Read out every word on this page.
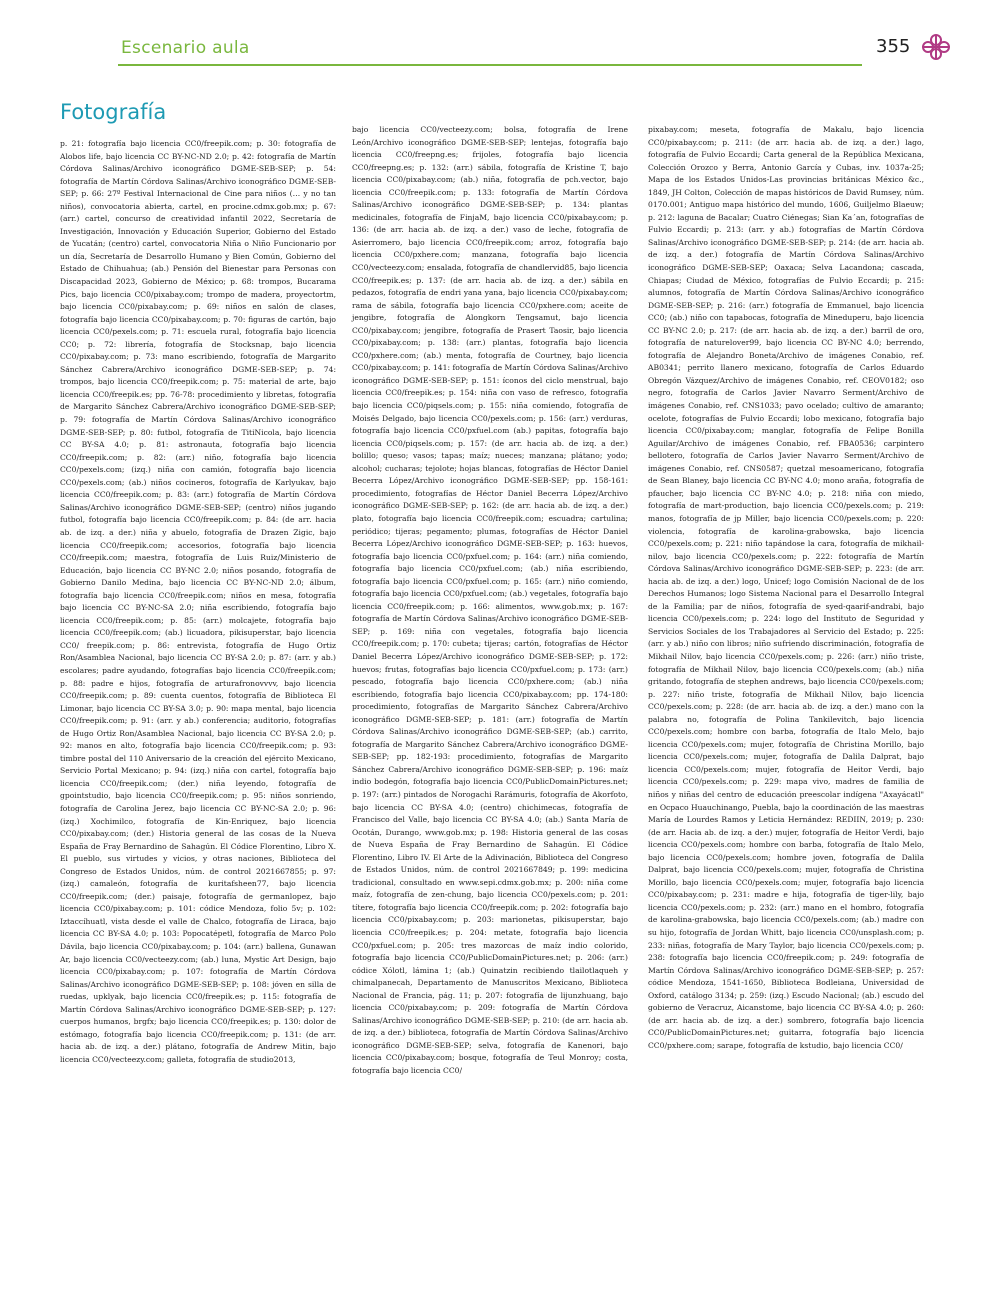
Escenario aula	355
Fotografía
p. 21: fotografía bajo licencia CC0/freepik.com; p. 30: fotografía de Alobos life, bajo licencia CC BY-NC-ND 2.0; p. 42: fotografía de Martín Córdova Salinas/Archivo iconográfico DGME-SEB-SEP; p. 54: fotografía de Martín Córdova Salinas/Archivo iconográfico DGME-SEB-SEP; p. 66: 27º Festival Internacional de Cine para niños (… y no tan niños), convocatoria abierta, cartel, en procine.cdmx.gob.mx; p. 67: (arr.) cartel, concurso de creatividad infantil 2022, Secretaría de Investigación, Innovación y Educación Superior, Gobierno del Estado de Yucatán; (centro) cartel, convocatoria Niña o Niño Funcionario por un día, Secretaría de Desarrollo Humano y Bien Común, Gobierno del Estado de Chihuahua; (ab.) Pensión del Bienestar para Personas con Discapacidad 2023, Gobierno de México; p. 68: trompos, Bucarama Pics, bajo licencia CC0/pixabay.com; trompo de madera, proyectortm, bajo licencia CC0/pixabay.com; p. 69: niños en salón de clases, fotografía bajo licencia CC0/pixabay.com; p. 70: figuras de cartón, bajo licencia CC0/pexels.com; p. 71: escuela rural, fotografía bajo licencia CC0; p. 72: librería, fotografía de Stocksnap, bajo licencia CC0/pixabay.com; p. 73: mano escribiendo, fotografía de Margarito Sánchez Cabrera/Archivo iconográfico DGME-SEB-SEP; p. 74: trompos, bajo licencia CC0/freepik.com; p. 75: material de arte, bajo licencia CC0/freepik.es; pp. 76-78: procedimiento y libretas, fotografía de Margarito Sánchez Cabrera/Archivo iconográfico DGME-SEB-SEP; p. 79: fotografía de Martín Córdova Salinas/Archivo iconográfico DGME-SEB-SEP; p. 80: futbol, fotografía de TitiNicola, bajo licencia CC BY-SA 4.0; p. 81: astronauta, fotografía bajo licencia CC0/freepik.com; p. 82: (arr.) niño, fotografía bajo licencia CC0/pexels.com; (izq.) niña con camión, fotografía bajo licencia CC0/pexels.com; (ab.) niños cocineros, fotografía de Karlyukav, bajo licencia CC0/freepik.com; p. 83: (arr.) fotografía de Martín Córdova Salinas/Archivo iconográfico DGME-SEB-SEP; (centro) niños jugando futbol, fotografía bajo licencia CC0/freepik.com; p. 84: (de arr. hacia ab. de izq. a der.) niña y abuelo, fotografía de Drazen Zigic, bajo licencia CC0/freepik.com; accesorios, fotografía bajo licencia CC0/freepik.com; maestra, fotografía de Luis Ruiz/Ministerio de Educación, bajo licencia CC BY-NC 2.0; niños posando, fotografía de Gobierno Danilo Medina, bajo licencia CC BY-NC-ND 2.0; álbum, fotografía bajo licencia CC0/freepik.com; niños en mesa, fotografía bajo licencia CC BY-NC-SA 2.0; niña escribiendo, fotografía bajo licencia CC0/freepik.com; p. 85: (arr.) molcajete, fotografía bajo licencia CC0/freepik.com; (ab.) licuadora, pikisuperstar, bajo licencia CC0/ freepik.com; p. 86: entrevista, fotografía de Hugo Ortiz Ron/Asamblea Nacional, bajo licencia CC BY-SA 2.0; p. 87: (arr. y ab.) escolares; padre ayudando, fotografías bajo licencia CC0/freepik.com; p. 88: padre e hijos, fotografía de arturafronovvvv, bajo licencia CC0/freepik.com; p. 89: cuenta cuentos, fotografía de Biblioteca El Limonar, bajo licencia CC BY-SA 3.0; p. 90: mapa mental, bajo licencia CC0/freepik.com; p. 91: (arr. y ab.) conferencia; auditorio, fotografías de Hugo Ortiz Ron/Asamblea Nacional, bajo licencia CC BY-SA 2.0; p. 92: manos en alto, fotografía bajo licencia CC0/freepik.com; p. 93: timbre postal del 110 Aniversario de la creación del ejército Mexicano, Servicio Portal Mexicano; p. 94: (izq.) niña con cartel, fotografía bajo licencia CC0/freepik.com; (der.) niña leyendo, fotografía de gpointstudio, bajo licencia CC0/freepik.com; p. 95: niños sonriendo, fotografía de Carolina Jerez, bajo licencia CC BY-NC-SA 2.0; p. 96: (izq.) Xochimilco, fotografía de Kin-Enriquez, bajo licencia CC0/pixabay.com; (der.) Historia general de las cosas de la Nueva España de Fray Bernardino de Sahagún. El Códice Florentino, Libro X. El pueblo, sus virtudes y vicios, y otras naciones, Biblioteca del Congreso de Estados Unidos, núm. de control 2021667855; p. 97: (izq.) camaleón, fotografía de kuritafsheen77, bajo licencia CC0/freepik.com; (der.) paisaje, fotografía de germanlopez, bajo licencia CC0/pixabay.com; p. 101: códice Mendoza, folio 5v; p. 102: Iztaccíhuatl, vista desde el valle de Chalco, fotografía de Liraca, bajo licencia CC BY-SA 4.0; p. 103: Popocatépetl, fotografía de Marco Polo Dávila, bajo licencia CC0/pixabay.com; p. 104: (arr.) ballena, Gunawan Ar, bajo licencia CC0/vecteezy.com; (ab.) luna, Mystic Art Design, bajo licencia CC0/pixabay.com; p. 107: fotografía de Martín Córdova Salinas/Archivo iconográfico DGME-SEB-SEP; p. 108: jóven en silla de ruedas, upklyak, bajo licencia CC0/freepik.es; p. 115: fotografía de Martín Córdova Salinas/Archivo iconográfico DGME-SEB-SEP; p. 127: cuerpos humanos, brgfx; bajo licencia CC0/freepik.es; p. 130: dolor de estómago, fotografía bajo licencia CC0/freepik.com; p. 131: (de arr. hacia ab. de izq. a der.) plátano, fotografía de Andrew Mitin, bajo licencia CC0/vecteezy.com; galleta, fotografía de studio2013,
bajo licencia CC0/vecteezy.com; bolsa, fotografía de Irene León/Archivo iconográfico DGME-SEB-SEP; lentejas, fotografía bajo licencia CC0/freepng.es; frijoles, fotografía bajo licencia CC0/freepng.es; p. 132: (arr.) sábila, fotografía de Kristine T, bajo licencia CC0/pixabay.com; (ab.) niña, fotografía de pch.vector, bajo licencia CC0/freepik.com; p. 133: fotografía de Martín Córdova Salinas/Archivo iconográfico DGME-SEB-SEP; p. 134: plantas medicinales, fotografía de FinjaM, bajo licencia CC0/pixabay.com; p. 136: (de arr. hacia ab. de izq. a der.) vaso de leche, fotografía de Asierromero, bajo licencia CC0/freepik.com; arroz, fotografía bajo licencia CC0/pxhere.com; manzana, fotografía bajo licencia CC0/vecteezy.com; ensalada, fotografía de chandlervid85, bajo licencia CC0/freepik.es; p. 137: (de arr. hacia ab. de izq. a der.) sábila en pedazos, fotografía de endri yana yana, bajo licencia CC0/pixabay.com; rama de sábila, fotografía bajo licencia CC0/pxhere.com; aceite de jengibre, fotografía de Alongkorn Tengsamut, bajo licencia CC0/pixabay.com; jengibre, fotografía de Prasert Taosir, bajo licencia CC0/pixabay.com; p. 138: (arr.) plantas, fotografía bajo licencia CC0/pxhere.com; (ab.) menta, fotografía de Courtney, bajo licencia CC0/pixabay.com; p. 141: fotografía de Martín Córdova Salinas/Archivo iconográfico DGME-SEB-SEP; p. 151: íconos del ciclo menstrual, bajo licencia CC0/freepik.es; p. 154: niña con vaso de refresco, fotografía bajo licencia CC0/piqsels.com; p. 155: niña comiendo, fotografía de Moisés Delgado, bajo licencia CC0/pexels.com; p. 156: (arr.) verduras, fotografía bajo licencia CC0/pxfuel.com (ab.) papitas, fotografía bajo licencia CC0/piqsels.com; p. 157: (de arr. hacia ab. de izq. a der.) bolillo; queso; vasos; tapas; maíz; nueces; manzana; plátano; yodo; alcohol; cucharas; tejolote; hojas blancas, fotografías de Héctor Daniel Becerra López/Archivo iconográfico DGME-SEB-SEP; pp. 158-161: procedimiento, fotografías de Héctor Daniel Becerra López/Archivo iconográfico DGME-SEB-SEP; p. 162: (de arr. hacia ab. de izq. a der.) plato, fotografía bajo licencia CC0/freepik.com; escuadra; cartulina; periódico; tijeras; pegamento; plumas, fotografías de Héctor Daniel Becerra López/Archivo iconográfico DGME-SEB-SEP; p. 163: huevos, fotografía bajo licencia CC0/pxfuel.com; p. 164: (arr.) niña comiendo, fotografía bajo licencia CC0/pxfuel.com; (ab.) niña escribiendo, fotografía bajo licencia CC0/pxfuel.com; p. 165: (arr.) niño comiendo, fotografía bajo licencia CC0/pxfuel.com; (ab.) vegetales, fotografía bajo licencia CC0/freepik.com; p. 166: alimentos, www.gob.mx; p. 167: fotografía de Martín Córdova Salinas/Archivo iconográfico DGME-SEB-SEP; p. 169: niña con vegetales, fotografía bajo licencia CC0/freepik.com; p. 170: cubeta; tijeras; cartón, fotografías de Héctor Daniel Becerra López/Archivo iconográfico DGME-SEB-SEP; p. 172: huevos; frutas, fotografías bajo licencia CC0/pxfuel.com; p. 173: (arr.) pescado, fotografía bajo licencia CC0/pxhere.com; (ab.) niña escribiendo, fotografía bajo licencia CC0/pixabay.com; pp. 174-180: procedimiento, fotografías de Margarito Sánchez Cabrera/Archivo iconográfico DGME-SEB-SEP; p. 181: (arr.) fotografía de Martín Córdova Salinas/Archivo iconográfico DGME-SEB-SEP; (ab.) carrito, fotografía de Margarito Sánchez Cabrera/Archivo iconográfico DGME-SEB-SEP; pp. 182-193: procedimiento, fotografías de Margarito Sánchez Cabrera/Archivo iconográfico DGME-SEB-SEP; p. 196: maíz indio bodegón, fotografía bajo licencia CC0/PublicDomainPictures.net; p. 197: (arr.) pintados de Norogachi Rarámuris, fotografía de Akorfoto, bajo licencia CC BY-SA 4.0; (centro) chichimecas, fotografía de Francisco del Valle, bajo licencia CC BY-SA 4.0; (ab.) Santa María de Ocotán, Durango, www.gob.mx; p. 198: Historia general de las cosas de Nueva España de Fray Bernardino de Sahagún. El Códice Florentino, Libro IV. El Arte de la Adivinación, Biblioteca del Congreso de Estados Unidos, núm. de control 2021667849; p. 199: medicina tradicional, consultado en www.sepi.cdmx.gob.mx; p. 200: niña come maíz, fotografía de zen-chung, bajo licencia CC0/pexels.com; p. 201: títere, fotografía bajo licencia CC0/freepik.com; p. 202: fotografía bajo licencia CC0/pixabay.com; p. 203: marionetas, pikisuperstar, bajo licencia CC0/freepik.es; p. 204: metate, fotografía bajo licencia CC0/pxfuel.com; p. 205: tres mazorcas de maíz indio colorido, fotografía bajo licencia CC0/PublicDomainPictures.net; p. 206: (arr.) códice Xólotl, lámina 1; (ab.) Quinatzin recibiendo tlailotlaqueh y chimalpanecah, Departamento de Manuscritos Mexicano, Biblioteca Nacional de Francia, pág. 11; p. 207: fotografía de lijunzhuang, bajo licencia CC0/pixabay.com; p. 209: fotografía de Martín Córdova Salinas/Archivo iconográfico DGME-SEB-SEP; p. 210: (de arr. hacia ab. de izq. a der.) biblioteca, fotografía de Martín Córdova Salinas/Archivo iconográfico DGME-SEB-SEP; selva, fotografía de Kanenori, bajo licencia CC0/pixabay.com; bosque, fotografía de Teul Monroy; costa, fotografía bajo licencia CC0/
pixabay.com; meseta, fotografía de Makalu, bajo licencia CC0/pixabay.com; p. 211: (de arr. hacia ab. de izq. a der.) lago, fotografía de Fulvio Eccardi; Carta general de la República Mexicana, Colección Orozco y Berra, Antonio García y Cubas, inv. 1037a-25; Mapa de los Estados Unidos-Las provincias británicas México &c., 1849, JH Colton, Colección de mapas históricos de David Rumsey, núm. 0170.001; Antiguo mapa histórico del mundo, 1606, Guiljelmo Blaeuw; p. 212: laguna de Bacalar; Cuatro Ciénegas; Sian Ka´an, fotografías de Fulvio Eccardi; p. 213: (arr. y ab.) fotografías de Martín Córdova Salinas/Archivo iconográfico DGME-SEB-SEP; p. 214: (de arr. hacia ab. de izq. a der.) fotografía de Martín Córdova Salinas/Archivo iconográfico DGME-SEB-SEP; Oaxaca; Selva Lacandona; cascada, Chiapas; Ciudad de México, fotografías de Fulvio Eccardi; p. 215: alumnos, fotografía de Martín Córdova Salinas/Archivo iconográfico DGME-SEB-SEP; p. 216: (arr.) fotografía de Emmanuel, bajo licencia CC0; (ab.) niño con tapabocas, fotografía de Mineduperu, bajo licencia CC BY-NC 2.0; p. 217: (de arr. hacia ab. de izq. a der.) barril de oro, fotografía de naturelover99, bajo licencia CC BY-NC 4.0; berrendo, fotografía de Alejandro Boneta/Archivo de imágenes Conabio, ref. AB0341; perrito llanero mexicano, fotografía de Carlos Eduardo Obregón Vázquez/Archivo de imágenes Conabio, ref. CEOV0182; oso negro, fotografía de Carlos Javier Navarro Serment/Archivo de imágenes Conabio, ref. CNS1033; pavo ocelado; cultivo de amaranto; ocelote, fotografías de Fulvio Eccardi; lobo mexicano, fotografía bajo licencia CC0/pixabay.com; manglar, fotografía de Felipe Bonilla Aguilar/Archivo de imágenes Conabio, ref. FBA0536; carpintero bellotero, fotografía de Carlos Javier Navarro Serment/Archivo de imágenes Conabio, ref. CNS0587; quetzal mesoamericano, fotografía de Sean Blaney, bajo licencia CC BY-NC 4.0; mono araña, fotografía de pfaucher, bajo licencia CC BY-NC 4.0; p. 218: niña con miedo, fotografía de mart-production, bajo licencia CC0/pexels.com; p. 219: manos, fotografía de jp Miller, bajo licencia CC0/pexels.com; p. 220: violencia, fotografía de karolina-grabowska, bajo licencia CC0/pexels.com; p. 221: niño tapándose la cara, fotografía de mikhail-nilov, bajo licencia CC0/pexels.com; p. 222: fotografía de Martín Córdova Salinas/Archivo iconográfico DGME-SEB-SEP; p. 223: (de arr. hacia ab. de izq. a der.) logo, Unicef; logo Comisión Nacional de de los Derechos Humanos; logo Sistema Nacional para el Desarrollo Integral de la Familia; par de niños, fotografía de syed-qaarif-andrabi, bajo licencia CC0/pexels.com; p. 224: logo del Instituto de Seguridad y Servicios Sociales de los Trabajadores al Servicio del Estado; p. 225: (arr. y ab.) niño con libros; niño sufriendo discriminación, fotografía de Mikhail Nilov, bajo licencia CC0/pexels.com; p. 226: (arr.) niño triste, fotografía de Mikhail Nilov, bajo licencia CC0/pexels.com; (ab.) niña gritando, fotografía de stephen andrews, bajo licencia CC0/pexels.com; p. 227: niño triste, fotografía de Mikhail Nilov, bajo licencia CC0/pexels.com; p. 228: (de arr. hacia ab. de izq. a der.) mano con la palabra no, fotografía de Polina Tankilevitch, bajo licencia CC0/pexels.com; hombre con barba, fotografía de Italo Melo, bajo licencia CC0/pexels.com; mujer, fotografía de Christina Morillo, bajo licencia CC0/pexels.com; mujer, fotografía de Dalila Dalprat, bajo licencia CC0/pexels.com; mujer, fotografía de Heitor Verdi, bajo licencia CC0/pexels.com; p. 229: mapa vivo, madres de familia de niños y niñas del centro de educación preescolar indígena "Axayácatl" en Ocpaco Huauchinango, Puebla, bajo la coordinación de las maestras María de Lourdes Ramos y Leticia Hernández: REDIIN, 2019; p. 230: (de arr. Hacia ab. de izq. a der.) mujer, fotografía de Heitor Verdi, bajo licencia CC0/pexels.com; hombre con barba, fotografía de Italo Melo, bajo licencia CC0/pexels.com; hombre joven, fotografía de Dalila Dalprat, bajo licencia CC0/pexels.com; mujer, fotografía de Christina Morillo, bajo licencia CC0/pexels.com; mujer, fotografía bajo licencia CC0/pixabay.com; p. 231: madre e hija, fotografía de tiger-lily, bajo licencia CC0/pexels.com; p. 232: (arr.) mano en el hombro, fotografía de karolina-grabowska, bajo licencia CC0/pexels.com; (ab.) madre con su hijo, fotografía de Jordan Whitt, bajo licencia CC0/unsplash.com; p. 233: niñas, fotografía de Mary Taylor, bajo licencia CC0/pexels.com; p. 238: fotografía bajo licencia CC0/freepik.com; p. 249: fotografía de Martín Córdova Salinas/Archivo iconográfico DGME-SEB-SEP; p. 257: códice Mendoza, 1541-1650, Biblioteca Bodleiana, Universidad de Oxford, catálogo 3134; p. 259: (izq.) Escudo Nacional; (ab.) escudo del gobierno de Veracruz, Aicanstome, bajo licencia CC BY-SA 4.0; p. 260: (de arr. hacia ab. de izq. a der.) sombrero, fotografía bajo licencia CC0/PublicDomainPictures.net; guitarra, fotografía bajo licencia CC0/pxhere.com; sarape, fotografía de kstudio, bajo licencia CC0/
